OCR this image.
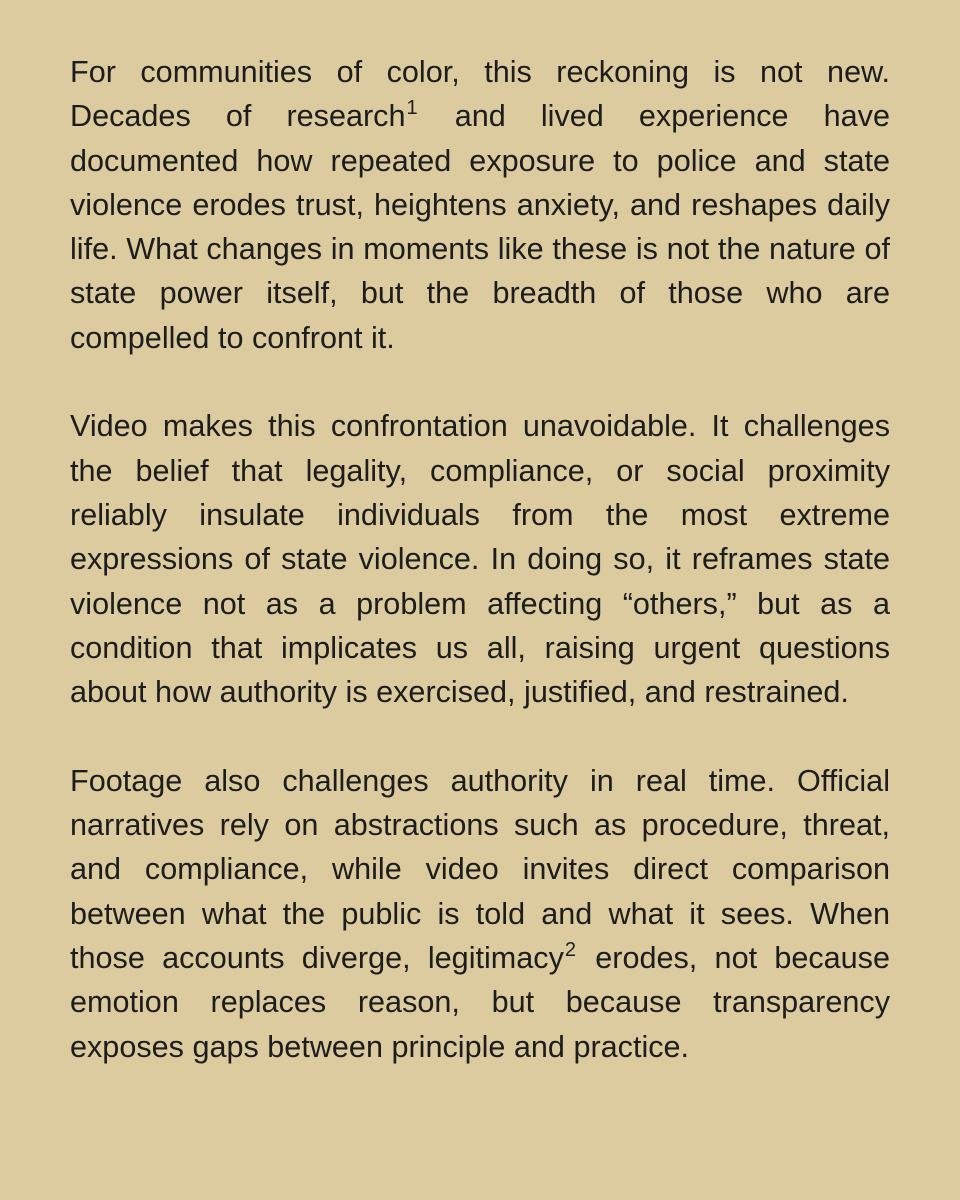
For communities of color, this reckoning is not new. Decades of research$^1$ and lived experience have documented how repeated exposure to police and state violence erodes trust, heightens anxiety, and reshapes daily life. What changes in moments like these is not the nature of state power itself, but the breadth of those who are compelled to confront it.

Video makes this confrontation unavoidable. It challenges the belief that legality, compliance, or social proximity reliably insulate individuals from the most extreme expressions of state violence. In doing so, it reframes state violence not as a problem affecting “others,” but as a condition that implicates us all, raising urgent questions about how authority is exercised, justified, and restrained.

Footage also challenges authority in real time. Official narratives rely on abstractions such as procedure, threat, and compliance, while video invites direct comparison between what the public is told and what it sees. When those accounts diverge, legitimacy$^2$ erodes, not because emotion replaces reason, but because transparency exposes gaps between principle and practice.
